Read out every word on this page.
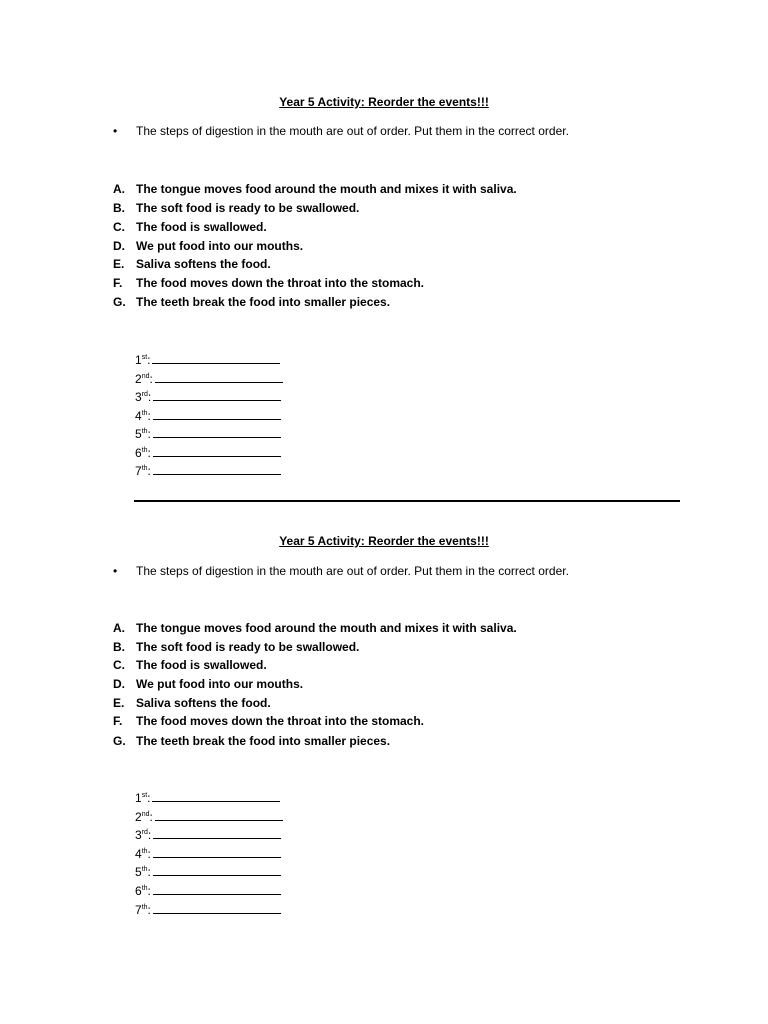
Year 5 Activity: Reorder the events!!!
• The steps of digestion in the mouth are out of order. Put them in the correct order.
A. The tongue moves food around the mouth and mixes it with saliva.
B. The soft food is ready to be swallowed.
C. The food is swallowed.
D. We put food into our mouths.
E. Saliva softens the food.
F. The food moves down the throat into the stomach.
G. The teeth break the food into smaller pieces.
1st:
2nd:
3rd:
4th:
5th:
6th:
7th:
Year 5 Activity: Reorder the events!!!
• The steps of digestion in the mouth are out of order. Put them in the correct order.
A. The tongue moves food around the mouth and mixes it with saliva.
B. The soft food is ready to be swallowed.
C. The food is swallowed.
D. We put food into our mouths.
E. Saliva softens the food.
F. The food moves down the throat into the stomach.
G. The teeth break the food into smaller pieces.
1st:
2nd:
3rd:
4th:
5th:
6th:
7th:
